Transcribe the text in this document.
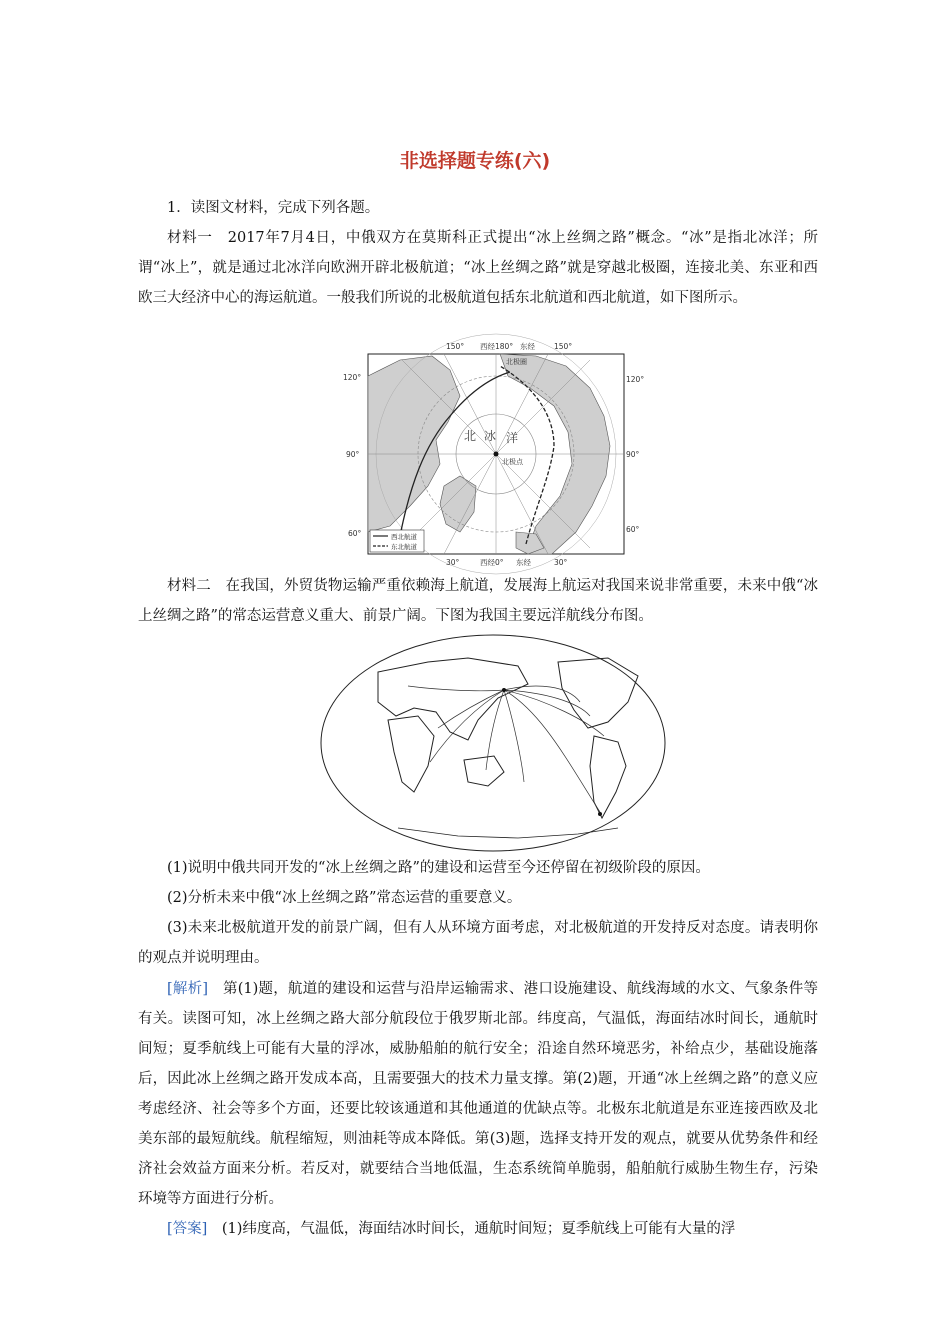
非选择题专练(六)

1．读图文材料，完成下列各题。

材料一　2017年7月4日，中俄双方在莫斯科正式提出“冰上丝绸之路”概念。“冰”是指北冰洋；所谓“冰上”，就是通过北冰洋向欧洲开辟北极航道；“冰上丝绸之路”就是穿越北极圈，连接北美、东亚和西欧三大经济中心的海运航道。一般我们所说的北极航道包括东北航道和西北航道，如下图所示。

150° 西经180° 东经	150°
30°	西经0° 东经	30°
120°
90°
60°
120°
90°
60°
北极圈
北 冰 洋
北极点
西北航道
东北航道

材料二　在我国，外贸货物运输严重依赖海上航道，发展海上航运对我国来说非常重要，未来中俄“冰上丝绸之路”的常态运营意义重大、前景广阔。下图为我国主要远洋航线分布图。

(1)说明中俄共同开发的“冰上丝绸之路”的建设和运营至今还停留在初级阶段的原因。

(2)分析未来中俄“冰上丝绸之路”常态运营的重要意义。

(3)未来北极航道开发的前景广阔，但有人从环境方面考虑，对北极航道的开发持反对态度。请表明你的观点并说明理由。

[解析]　第(1)题，航道的建设和运营与沿岸运输需求、港口设施建设、航线海域的水文、气象条件等有关。读图可知，冰上丝绸之路大部分航段位于俄罗斯北部。纬度高，气温低，海面结冰时间长，通航时间短；夏季航线上可能有大量的浮冰，威胁船舶的航行安全；沿途自然环境恶劣，补给点少，基础设施落后，因此冰上丝绸之路开发成本高，且需要强大的技术力量支撑。第(2)题，开通“冰上丝绸之路”的意义应考虑经济、社会等多个方面，还要比较该通道和其他通道的优缺点等。北极东北航道是东亚连接西欧及北美东部的最短航线。航程缩短，则油耗等成本降低。第(3)题，选择支持开发的观点，就要从优势条件和经济社会效益方面来分析。若反对，就要结合当地低温，生态系统简单脆弱，船舶航行威胁生物生存，污染环境等方面进行分析。

[答案]　(1)纬度高，气温低，海面结冰时间长，通航时间短；夏季航线上可能有大量的浮
